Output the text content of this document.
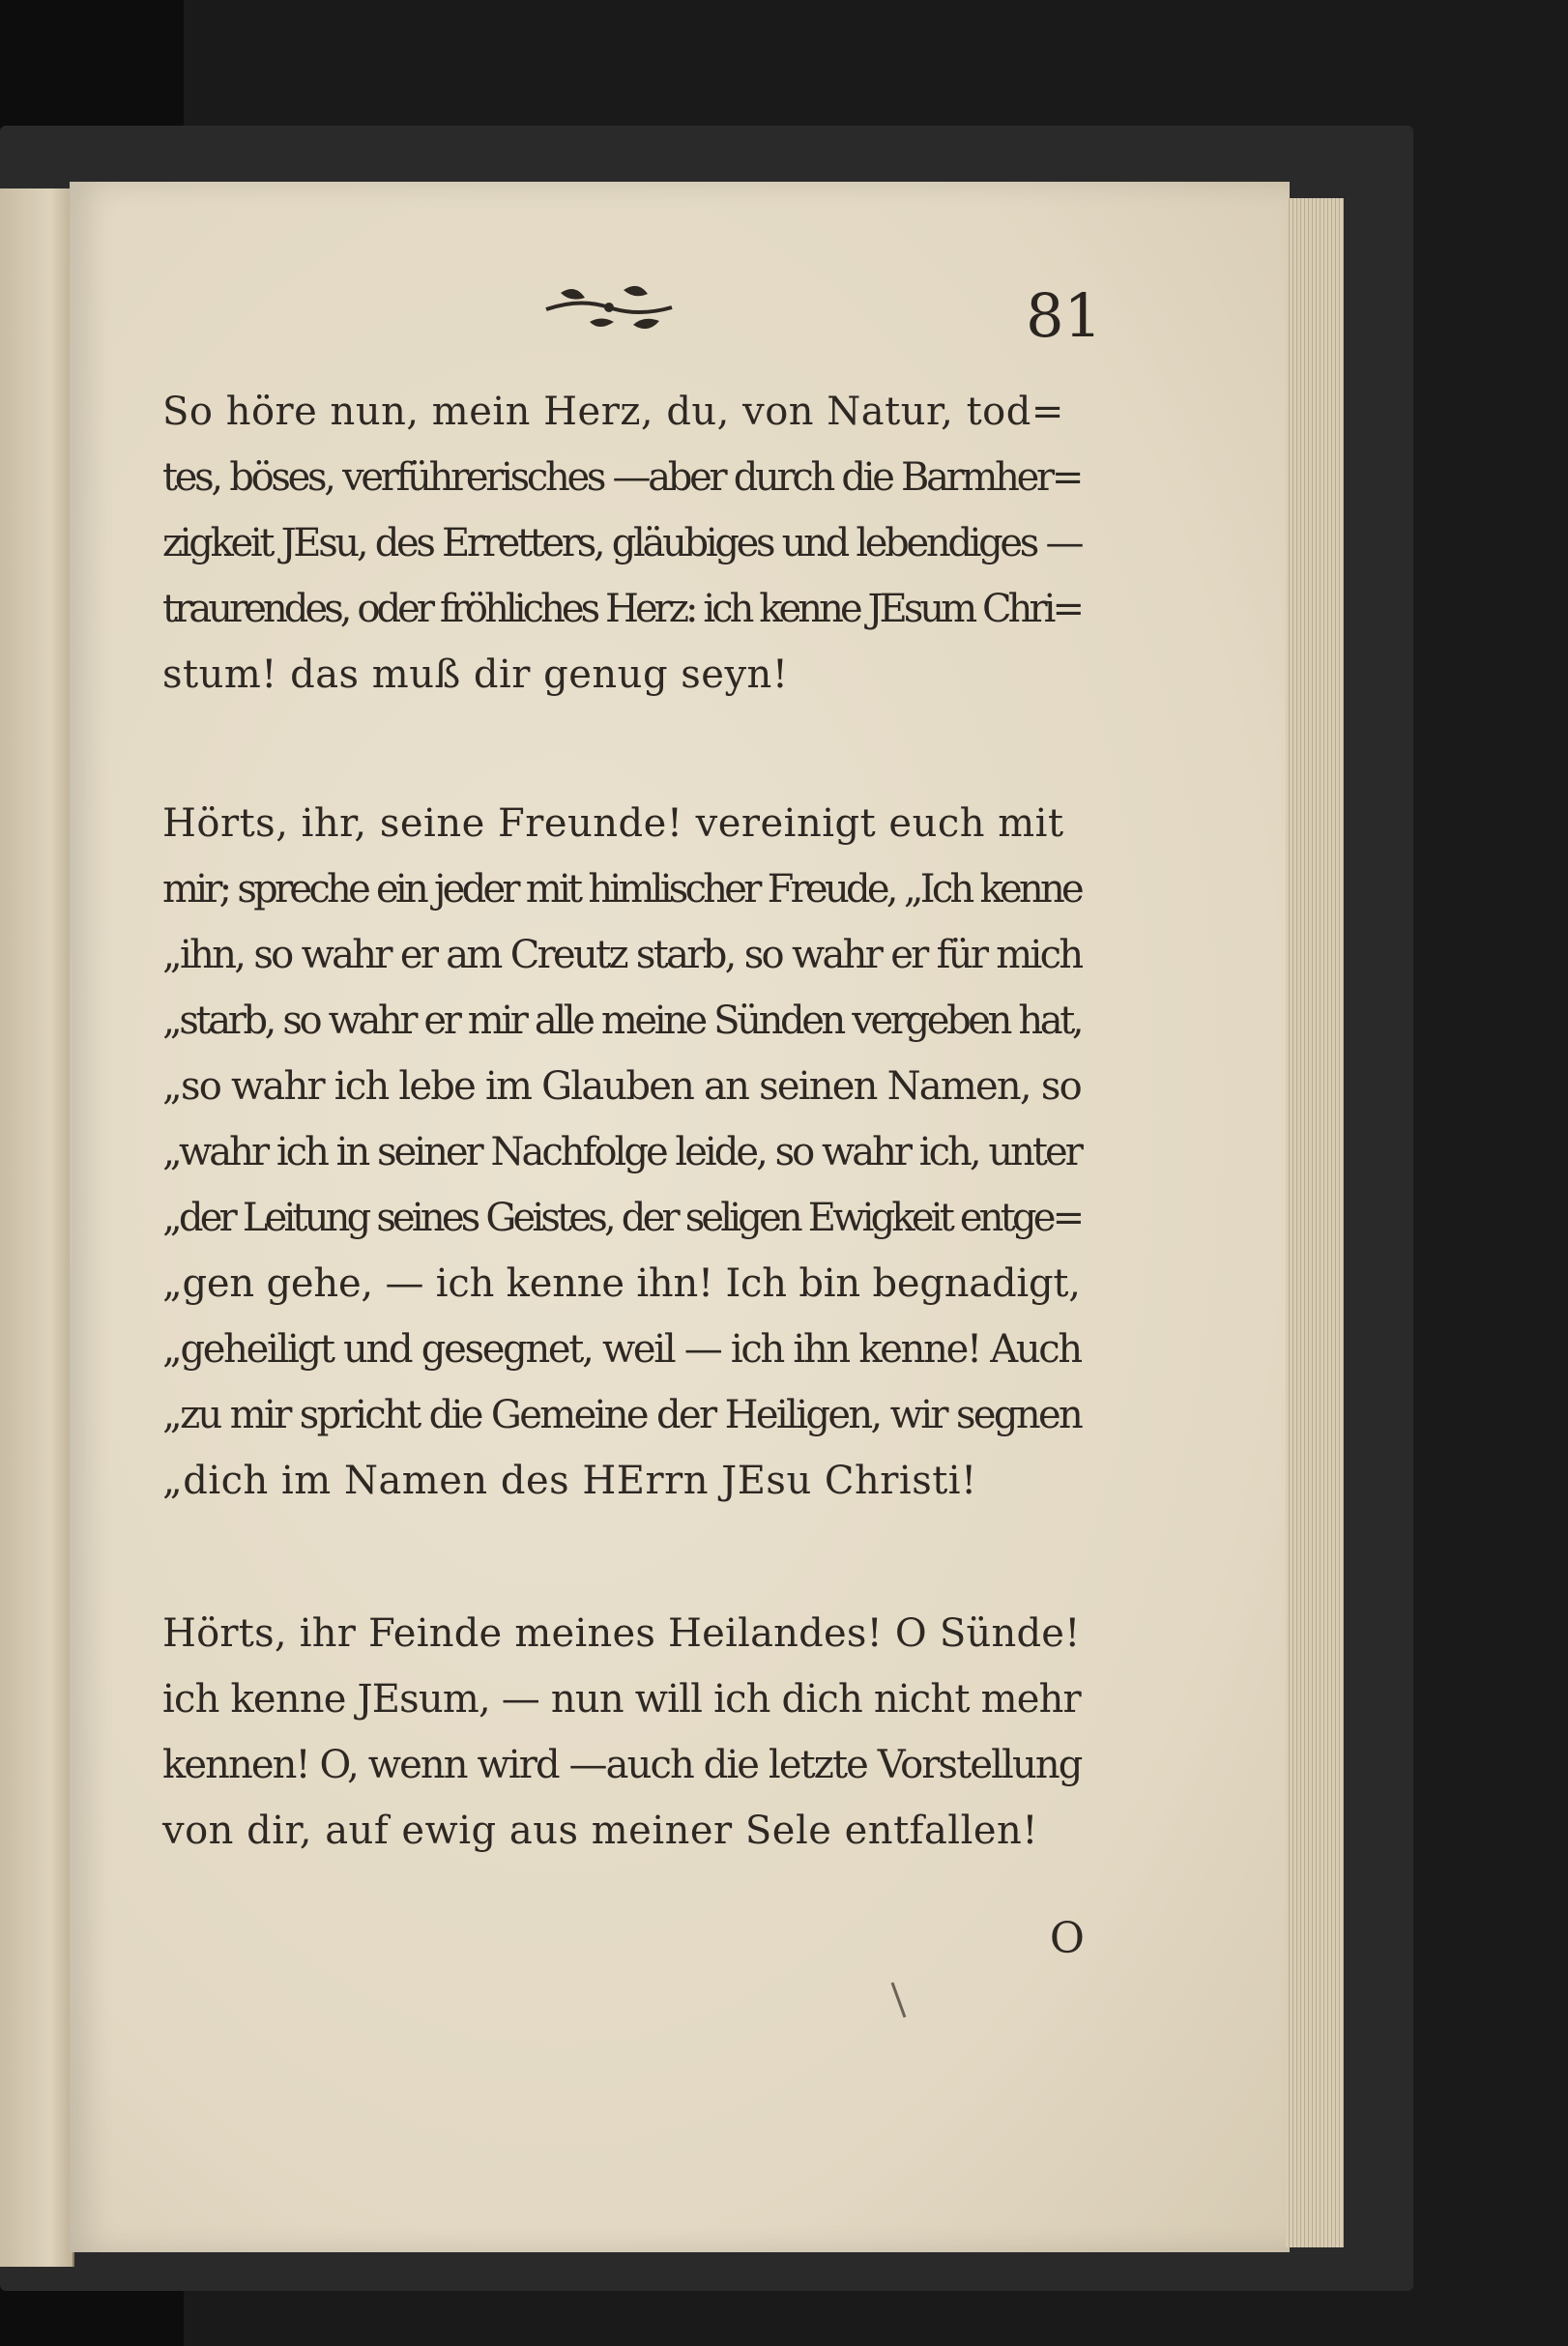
81
So höre nun, mein Herz, du, von Natur, tod=
tes, böses, verführerisches —aber durch die Barmher=
zigkeit JEsu, des Erretters, gläubiges und lebendiges —
traurendes, oder fröhliches Herz: ich kenne JEsum Chri=
stum! das muß dir genug seyn!
Hörts, ihr, seine Freunde! vereinigt euch mit
mir; spreche ein jeder mit himlischer Freude, „Ich kenne
„ihn, so wahr er am Creutz starb, so wahr er für mich
„starb, so wahr er mir alle meine Sünden vergeben hat,
„so wahr ich lebe im Glauben an seinen Namen, so
„wahr ich in seiner Nachfolge leide, so wahr ich, unter
„der Leitung seines Geistes, der seligen Ewigkeit entge=
„gen gehe, — ich kenne ihn! Ich bin begnadigt,
„geheiligt und gesegnet, weil — ich ihn kenne! Auch
„zu mir spricht die Gemeine der Heiligen, wir segnen
„dich im Namen des HErrn JEsu Christi!
Hörts, ihr Feinde meines Heilandes! O Sünde!
ich kenne JEsum, — nun will ich dich nicht mehr
kennen! O, wenn wird —auch die letzte Vorstellung
von dir, auf ewig aus meiner Sele entfallen!
O
